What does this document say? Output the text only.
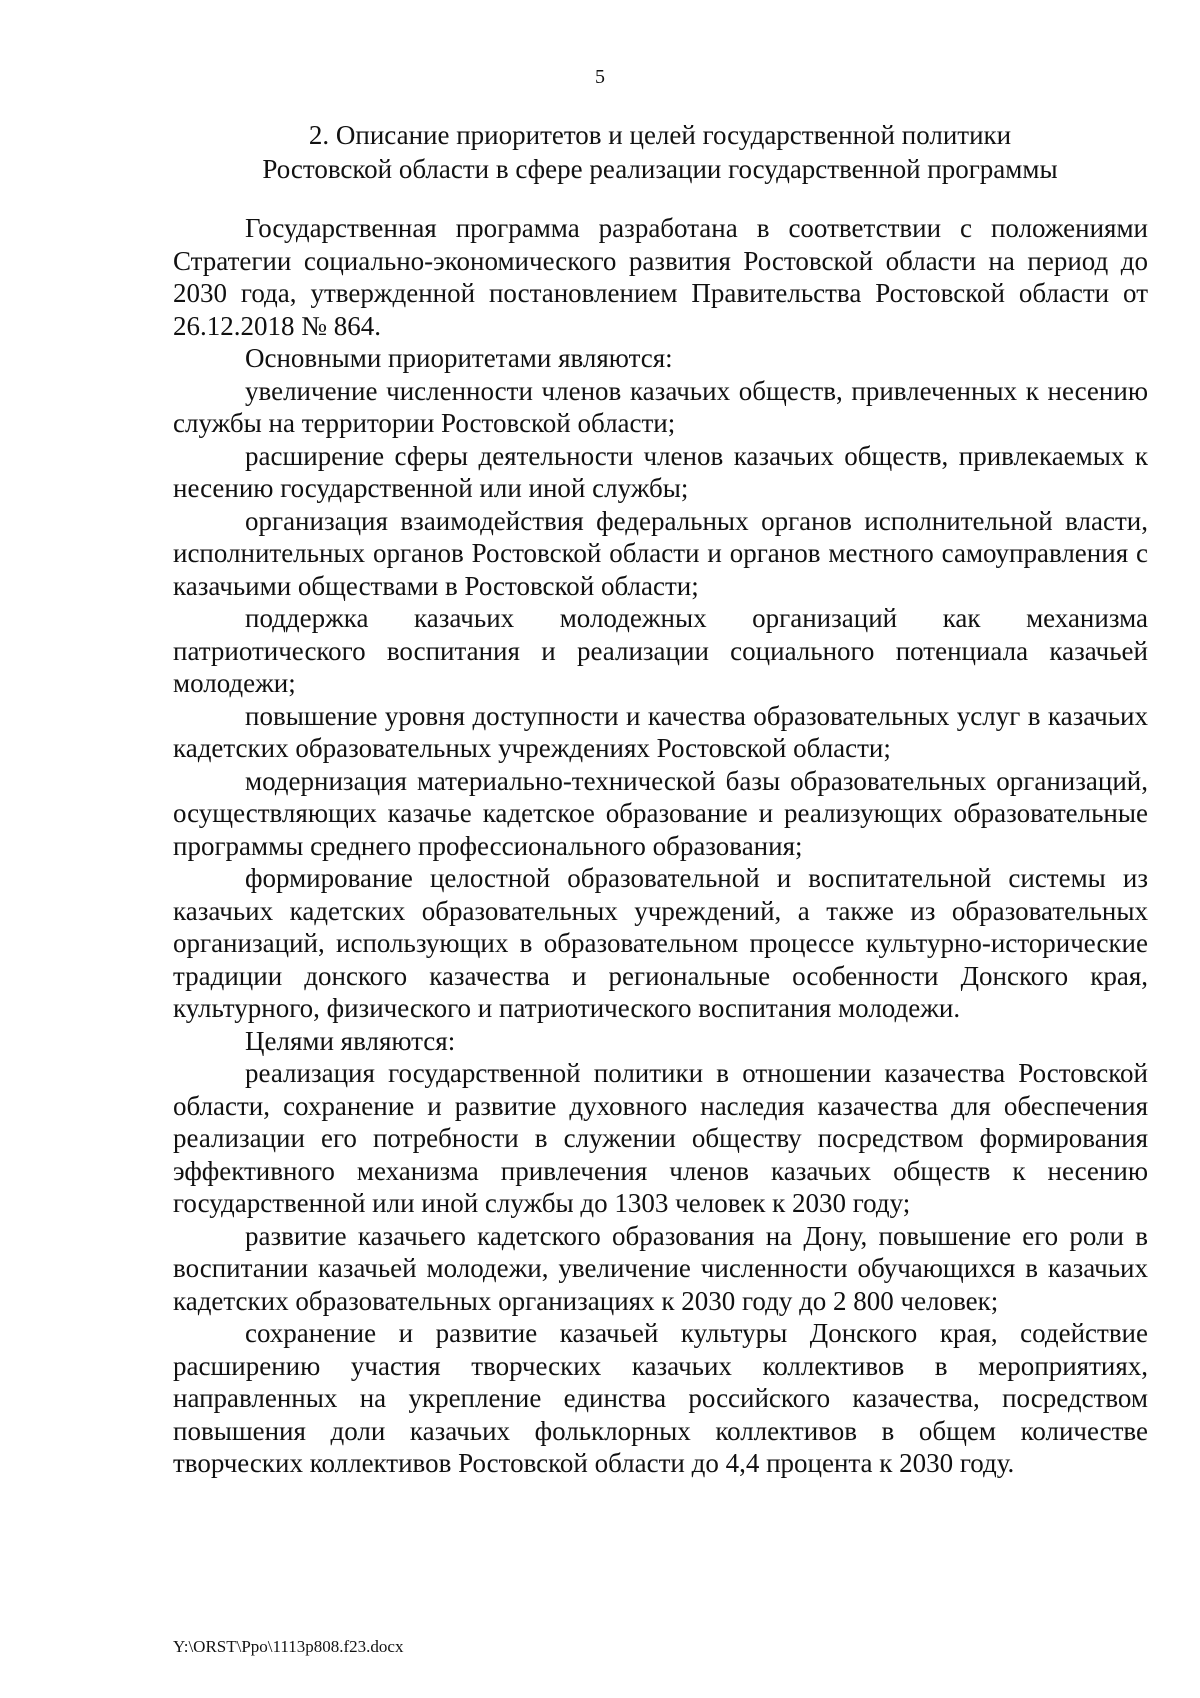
5
2. Описание приоритетов и целей государственной политики
Ростовской области в сфере реализации государственной программы

Государственная программа разработана в соответствии с положениями Стратегии социально-экономического развития Ростовской области на период до 2030 года, утвержденной постановлением Правительства Ростовской области от 26.12.2018 № 864.

Основными приоритетами являются:

увеличение численности членов казачьих обществ, привлеченных к несению службы на территории Ростовской области;

расширение сферы деятельности членов казачьих обществ, привлекаемых к несению государственной или иной службы;

организация взаимодействия федеральных органов исполнительной власти, исполнительных органов Ростовской области и органов местного самоуправления с казачьими обществами в Ростовской области;

поддержка казачьих молодежных организаций как механизма патриотического воспитания и реализации социального потенциала казачьей молодежи;

повышение уровня доступности и качества образовательных услуг в казачьих кадетских образовательных учреждениях Ростовской области;

модернизация материально-технической базы образовательных организаций, осуществляющих казачье кадетское образование и реализующих образовательные программы среднего профессионального образования;

формирование целостной образовательной и воспитательной системы из казачьих кадетских образовательных учреждений, а также из образовательных организаций, использующих в образовательном процессе культурно-исторические традиции донского казачества и региональные особенности Донского края, культурного, физического и патриотического воспитания молодежи.

Целями являются:

реализация государственной политики в отношении казачества Ростовской области, сохранение и развитие духовного наследия казачества для обеспечения реализации его потребности в служении обществу посредством формирования эффективного механизма привлечения членов казачьих обществ к несению государственной или иной службы до 1303 человек к 2030 году;

развитие казачьего кадетского образования на Дону, повышение его роли в воспитании казачьей молодежи, увеличение численности обучающихся в казачьих кадетских образовательных организациях к 2030 году до 2 800 человек;

сохранение и развитие казачьей культуры Донского края, содействие расширению участия творческих казачьих коллективов в мероприятиях, направленных на укрепление единства российского казачества, посредством повышения доли казачьих фольклорных коллективов в общем количестве творческих коллективов Ростовской области до 4,4 процента к 2030 году.

Y:\ORST\Ppo\1113p808.f23.docx
